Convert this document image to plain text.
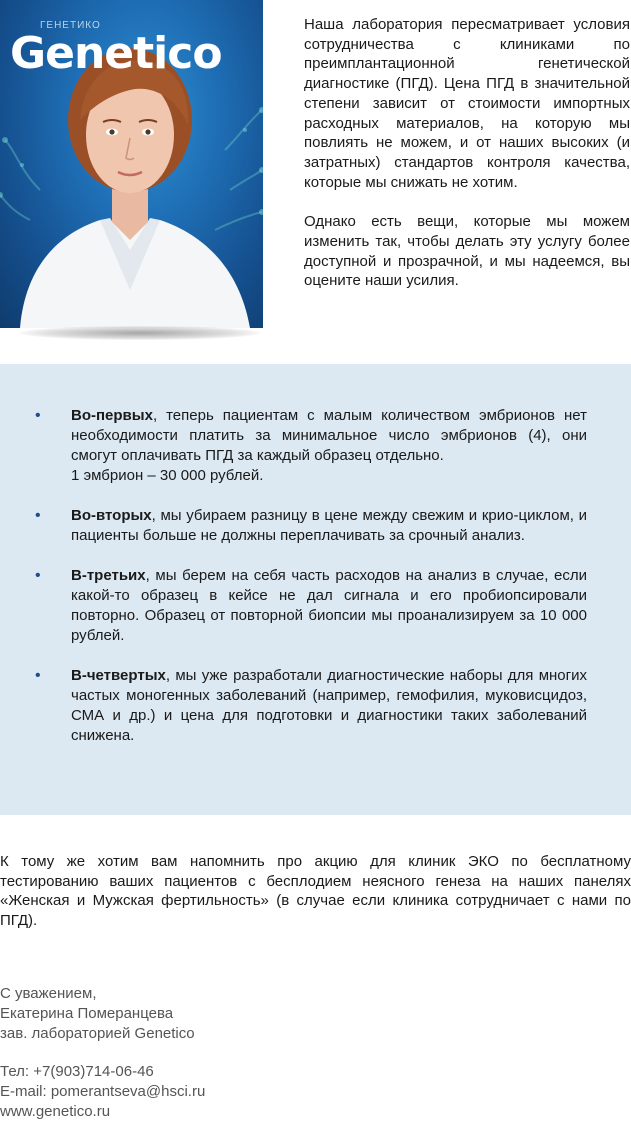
ГЕНЕТИКО
Genetico

Наша лаборатория пересматривает условия сотрудничества с клиниками по преимплантационной генетической диагностике (ПГД). Цена ПГД в значительной степени зависит от стоимости импортных расходных материалов, на которую мы повлиять не можем, и от наших высоких (и затратных) стандартов контроля качества, которые мы снижать не хотим.

Однако есть вещи, которые мы можем изменить так, чтобы делать эту услугу более доступной и прозрачной, и мы надеемся, вы оцените наши усилия.

• Во-первых, теперь пациентам с малым количеством эмбрионов нет необходимости платить за минимальное число эмбрионов (4), они смогут оплачивать ПГД за каждый образец отдельно.
1 эмбрион – 30 000 рублей.
• Во-вторых, мы убираем разницу в цене между свежим и крио-циклом, и пациенты больше не должны переплачивать за срочный анализ.
• В-третьих, мы берем на себя часть расходов на анализ в случае, если какой-то образец в кейсе не дал сигнала и его пробиопсировали повторно. Образец от повторной биопсии мы проанализируем за 10 000 рублей.
• В-четвертых, мы уже разработали диагностические наборы для многих частых моногенных заболеваний (например, гемофилия, муковисцидоз, СМА и др.) и цена для подготовки и диагностики таких заболеваний снижена.

К тому же хотим вам напомнить про акцию для клиник ЭКО по бесплатному тестированию ваших пациентов с бесплодием неясного генеза на наших панелях «Женская и Мужская фертильность» (в случае если клиника сотрудничает с нами по ПГД).

С уважением,
Екатерина Померанцева
зав. лабораторией Genetico
Тел: +7(903)714-06-46
E-mail: pomerantseva@hsci.ru
www.genetico.ru
